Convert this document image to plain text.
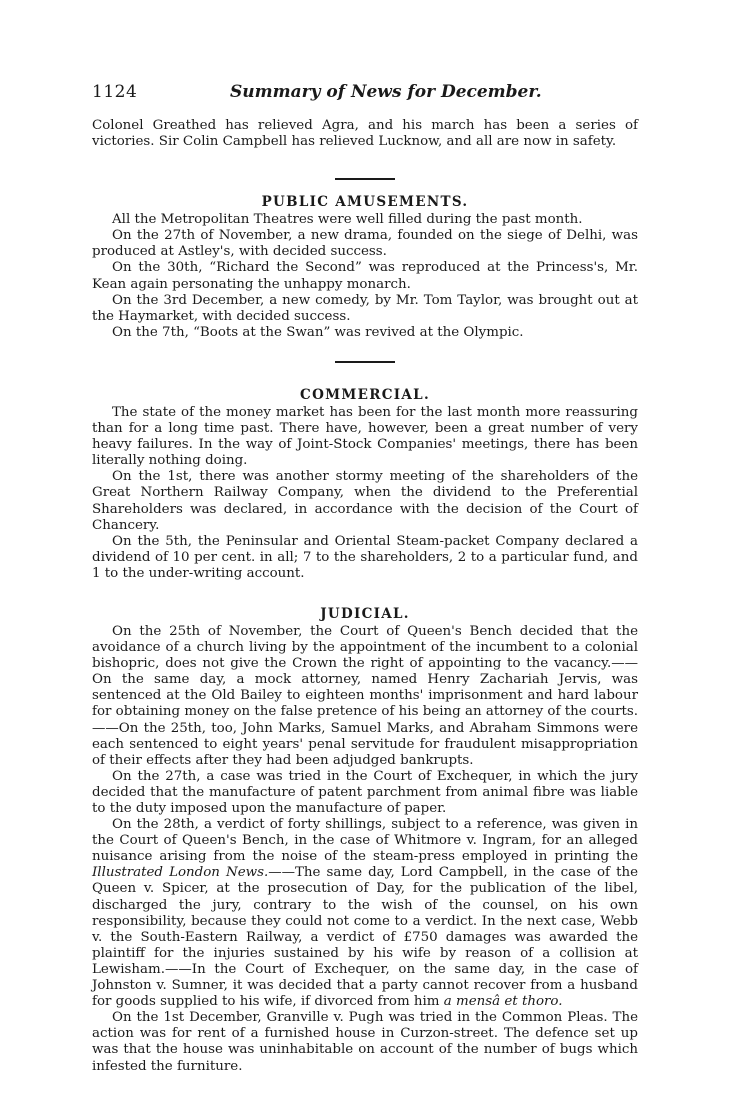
1124	Summary of News for December.

Colonel Greathed has relieved Agra, and his march has been a series of victories. Sir Colin Campbell has relieved Lucknow, and all are now in safety.

PUBLIC AMUSEMENTS.

All the Metropolitan Theatres were well filled during the past month.

On the 27th of November, a new drama, founded on the siege of Delhi, was produced at Astley's, with decided success.

On the 30th, “Richard the Second” was reproduced at the Princess's, Mr. Kean again personating the unhappy monarch.

On the 3rd December, a new comedy, by Mr. Tom Taylor, was brought out at the Haymarket, with decided success.

On the 7th, “Boots at the Swan” was revived at the Olympic.

COMMERCIAL.

The state of the money market has been for the last month more reassuring than for a long time past. There have, however, been a great number of very heavy failures. In the way of Joint-Stock Companies' meetings, there has been literally nothing doing.

On the 1st, there was another stormy meeting of the shareholders of the Great Northern Railway Company, when the dividend to the Preferential Shareholders was declared, in accordance with the decision of the Court of Chancery.

On the 5th, the Peninsular and Oriental Steam-packet Company declared a dividend of 10 per cent. in all; 7 to the shareholders, 2 to a particular fund, and 1 to the under-writing account.

JUDICIAL.

On the 25th of November, the Court of Queen's Bench decided that the avoidance of a church living by the appointment of the incumbent to a colonial bishopric, does not give the Crown the right of appointing to the vacancy.——On the same day, a mock attorney, named Henry Zachariah Jervis, was sentenced at the Old Bailey to eighteen months' imprisonment and hard labour for obtaining money on the false pretence of his being an attorney of the courts.——On the 25th, too, John Marks, Samuel Marks, and Abraham Simmons were each sentenced to eight years' penal servitude for fraudulent misappropriation of their effects after they had been adjudged bankrupts.

On the 27th, a case was tried in the Court of Exchequer, in which the jury decided that the manufacture of patent parchment from animal fibre was liable to the duty imposed upon the manufacture of paper.

On the 28th, a verdict of forty shillings, subject to a reference, was given in the Court of Queen's Bench, in the case of Whitmore v. Ingram, for an alleged nuisance arising from the noise of the steam-press employed in printing the Illustrated London News.——The same day, Lord Campbell, in the case of the Queen v. Spicer, at the prosecution of Day, for the publication of the libel, discharged the jury, contrary to the wish of the counsel, on his own responsibility, because they could not come to a verdict. In the next case, Webb v. the South-Eastern Railway, a verdict of £750 damages was awarded the plaintiff for the injuries sustained by his wife by reason of a collision at Lewisham.——In the Court of Exchequer, on the same day, in the case of Johnston v. Sumner, it was decided that a party cannot recover from a husband for goods supplied to his wife, if divorced from him a mensâ et thoro.

On the 1st December, Granville v. Pugh was tried in the Common Pleas. The action was for rent of a furnished house in Curzon-street. The defence set up was that the house was uninhabitable on account of the number of bugs which infested the furniture.
